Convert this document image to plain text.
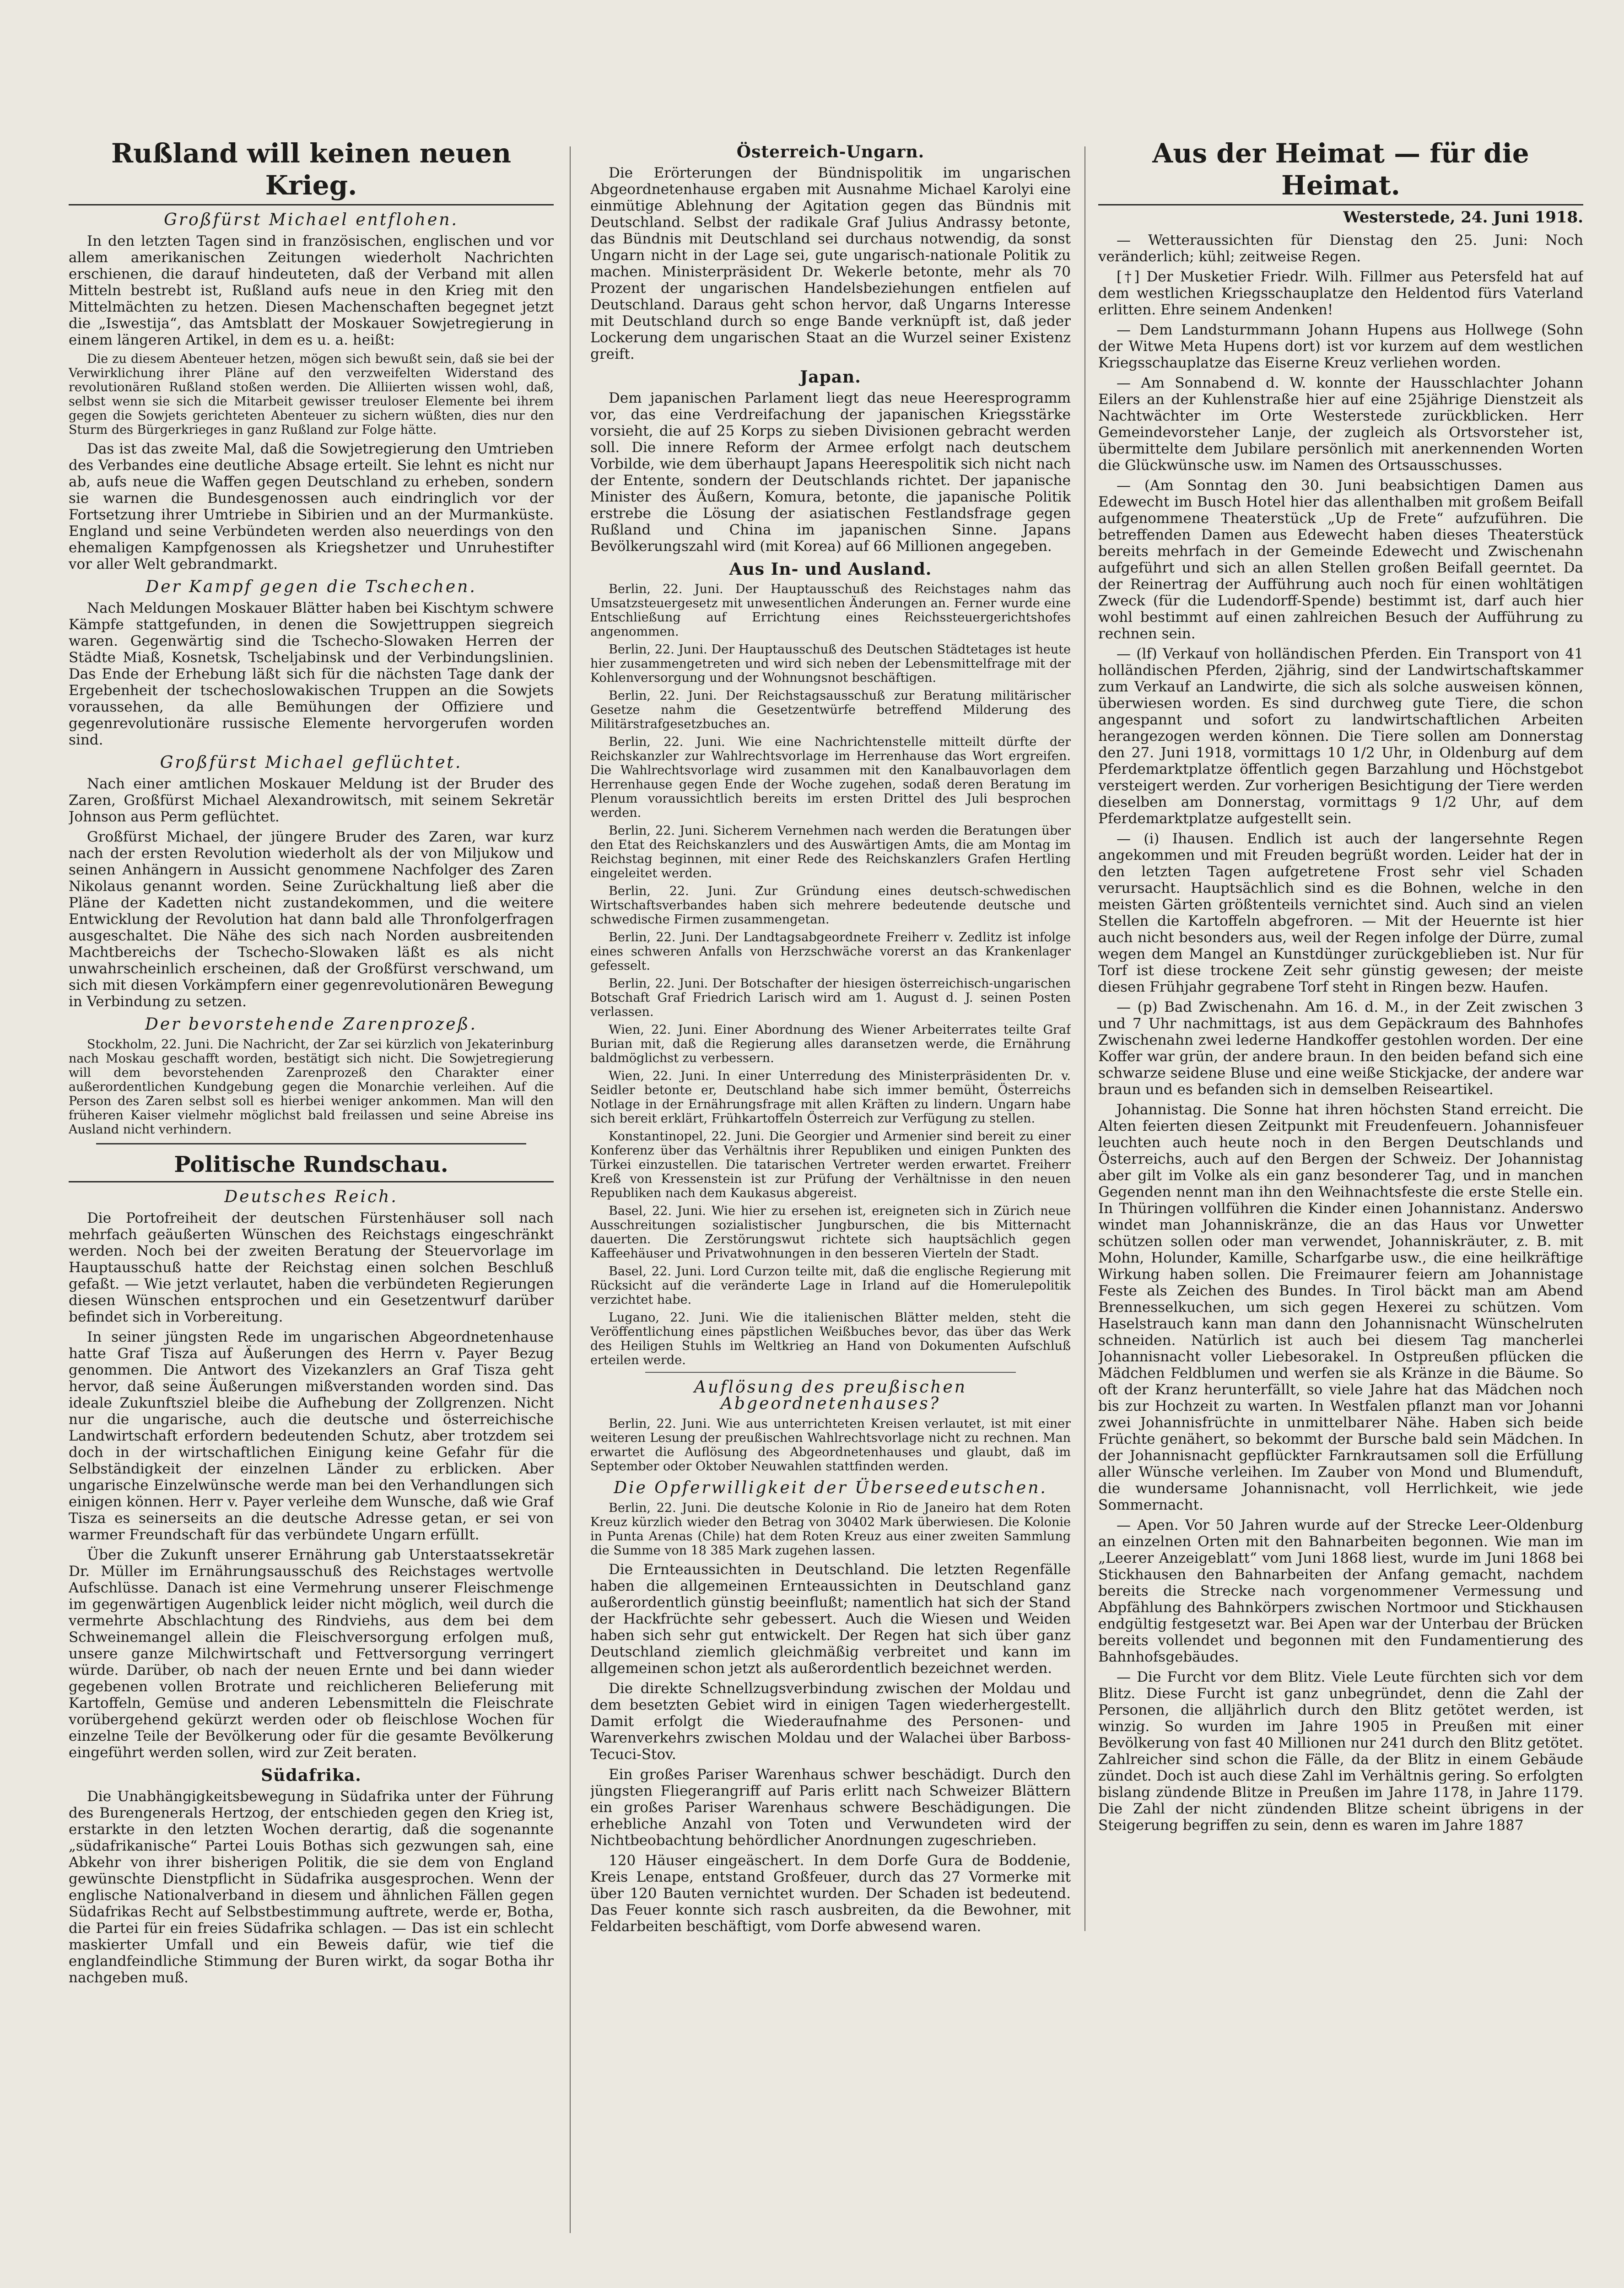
Rußland will keinen neuen Krieg.
Großfürst Michael entflohen.

In den letzten Tagen sind in französischen, englischen und vor allem amerikanischen Zeitungen wiederholt Nachrichten erschienen, die darauf hindeuteten, daß der Verband mit allen Mitteln bestrebt ist, Rußland aufs neue in den Krieg mit den Mittelmächten zu hetzen. Diesen Machenschaften begegnet jetzt die „Iswestija“, das Amtsblatt der Moskauer Sowjetregierung in einem längeren Artikel, in dem es u. a. heißt:

Die zu diesem Abenteuer hetzen, mögen sich bewußt sein, daß sie bei der Verwirklichung ihrer Pläne auf den verzweifelten Widerstand des revolutionären Rußland stoßen werden. Die Alliierten wissen wohl, daß, selbst wenn sie sich die Mitarbeit gewisser treuloser Elemente bei ihrem gegen die Sowjets gerichteten Abenteuer zu sichern wüßten, dies nur den Sturm des Bürgerkrieges in ganz Rußland zur Folge hätte.

Das ist das zweite Mal, daß die Sowjetregierung den Umtrieben des Verbandes eine deutliche Absage erteilt. Sie lehnt es nicht nur ab, aufs neue die Waffen gegen Deutschland zu erheben, sondern sie warnen die Bundesgenossen auch eindringlich vor der Fortsetzung ihrer Umtriebe in Sibirien und an der Murmanküste. England und seine Verbündeten werden also neuerdings von den ehemaligen Kampfgenossen als Kriegshetzer und Unruhestifter vor aller Welt gebrandmarkt.

Der Kampf gegen die Tschechen.

Nach Meldungen Moskauer Blätter haben bei Kischtym schwere Kämpfe stattgefunden, in denen die Sowjettruppen siegreich waren. Gegenwärtig sind die Tschecho-Slowaken Herren der Städte Miaß, Kosnetsk, Tscheljabinsk und der Verbindungslinien. Das Ende der Erhebung läßt sich für die nächsten Tage dank der Ergebenheit der tschechoslowakischen Truppen an die Sowjets voraussehen, da alle Bemühungen der Offiziere und gegenrevolutionäre russische Elemente hervorgerufen worden sind.

Großfürst Michael geflüchtet.

Nach einer amtlichen Moskauer Meldung ist der Bruder des Zaren, Großfürst Michael Alexandrowitsch, mit seinem Sekretär Johnson aus Perm geflüchtet.

Großfürst Michael, der jüngere Bruder des Zaren, war kurz nach der ersten Revolution wiederholt als der von Miljukow und seinen Anhängern in Aussicht genommene Nachfolger des Zaren Nikolaus genannt worden. Seine Zurückhaltung ließ aber die Pläne der Kadetten nicht zustandekommen, und die weitere Entwicklung der Revolution hat dann bald alle Thronfolgerfragen ausgeschaltet. Die Nähe des sich nach Norden ausbreitenden Machtbereichs der Tschecho-Slowaken läßt es als nicht unwahrscheinlich erscheinen, daß der Großfürst verschwand, um sich mit diesen Vorkämpfern einer gegenrevolutionären Bewegung in Verbindung zu setzen.

Der bevorstehende Zarenprozeß.

Stockholm, 22. Juni. Die Nachricht, der Zar sei kürzlich von Jekaterinburg nach Moskau geschafft worden, bestätigt sich nicht. Die Sowjetregierung will dem bevorstehenden Zarenprozeß den Charakter einer außerordentlichen Kundgebung gegen die Monarchie verleihen. Auf die Person des Zaren selbst soll es hierbei weniger ankommen. Man will den früheren Kaiser vielmehr möglichst bald freilassen und seine Abreise ins Ausland nicht verhindern.

Politische Rundschau.
Deutsches Reich.

Die Portofreiheit der deutschen Fürstenhäuser soll nach mehrfach geäußerten Wünschen des Reichstags eingeschränkt werden. Noch bei der zweiten Beratung der Steuervorlage im Hauptausschuß hatte der Reichstag einen solchen Beschluß gefaßt. — Wie jetzt verlautet, haben die verbündeten Regierungen diesen Wünschen entsprochen und ein Gesetzentwurf darüber befindet sich in Vorbereitung.

In seiner jüngsten Rede im ungarischen Abgeordnetenhause hatte Graf Tisza auf Äußerungen des Herrn v. Payer Bezug genommen. Die Antwort des Vizekanzlers an Graf Tisza geht hervor, daß seine Äußerungen mißverstanden worden sind. Das ideale Zukunftsziel bleibe die Aufhebung der Zollgrenzen. Nicht nur die ungarische, auch die deutsche und österreichische Landwirtschaft erfordern bedeutenden Schutz, aber trotzdem sei doch in der wirtschaftlichen Einigung keine Gefahr für die Selbständigkeit der einzelnen Länder zu erblicken. Aber ungarische Einzelwünsche werde man bei den Verhandlungen sich einigen können. Herr v. Payer verleihe dem Wunsche, daß wie Graf Tisza es seinerseits an die deutsche Adresse getan, er sei von warmer Freundschaft für das verbündete Ungarn erfüllt.

Über die Zukunft unserer Ernährung gab Unterstaatssekretär Dr. Müller im Ernährungsausschuß des Reichstages wertvolle Aufschlüsse. Danach ist eine Vermehrung unserer Fleischmenge im gegenwärtigen Augenblick leider nicht möglich, weil durch die vermehrte Abschlachtung des Rindviehs, aus dem bei dem Schweinemangel allein die Fleischversorgung erfolgen muß, unsere ganze Milchwirtschaft und Fettversorgung verringert würde. Darüber, ob nach der neuen Ernte und bei dann wieder gegebenen vollen Brotrate und reichlicheren Belieferung mit Kartoffeln, Gemüse und anderen Lebensmitteln die Fleischrate vorübergehend gekürzt werden oder ob fleischlose Wochen für einzelne Teile der Bevölkerung oder für die gesamte Bevölkerung eingeführt werden sollen, wird zur Zeit beraten.

Südafrika.

Die Unabhängigkeitsbewegung in Südafrika unter der Führung des Burengenerals Hertzog, der entschieden gegen den Krieg ist, erstarkte in den letzten Wochen derartig, daß die sogenannte „südafrikanische“ Partei Louis Bothas sich gezwungen sah, eine Abkehr von ihrer bisherigen Politik, die sie dem von England gewünschte Dienstpflicht in Südafrika ausgesprochen. Wenn der englische Nationalverband in diesem und ähnlichen Fällen gegen Südafrikas Recht auf Selbstbestimmung auftrete, werde er, Botha, die Partei für ein freies Südafrika schlagen. — Das ist ein schlecht maskierter Umfall und ein Beweis dafür, wie tief die englandfeindliche Stimmung der Buren wirkt, da sogar Botha ihr nachgeben muß.

Österreich-Ungarn.

Die Erörterungen der Bündnispolitik im ungarischen Abgeordnetenhause ergaben mit Ausnahme Michael Karolyi eine einmütige Ablehnung der Agitation gegen das Bündnis mit Deutschland. Selbst der radikale Graf Julius Andrassy betonte, das Bündnis mit Deutschland sei durchaus notwendig, da sonst Ungarn nicht in der Lage sei, gute ungarisch-nationale Politik zu machen. Ministerpräsident Dr. Wekerle betonte, mehr als 70 Prozent der ungarischen Handelsbeziehungen entfielen auf Deutschland. Daraus geht schon hervor, daß Ungarns Interesse mit Deutschland durch so enge Bande verknüpft ist, daß jeder Lockerung dem ungarischen Staat an die Wurzel seiner Existenz greift.

Japan.

Dem japanischen Parlament liegt das neue Heeresprogramm vor, das eine Verdreifachung der japanischen Kriegsstärke vorsieht, die auf 25 Korps zu sieben Divisionen gebracht werden soll. Die innere Reform der Armee erfolgt nach deutschem Vorbilde, wie dem überhaupt Japans Heerespolitik sich nicht nach der Entente, sondern der Deutschlands richtet. Der japanische Minister des Äußern, Komura, betonte, die japanische Politik erstrebe die Lösung der asiatischen Festlandsfrage gegen Rußland und China im japanischen Sinne. Japans Bevölkerungszahl wird (mit Korea) auf 66 Millionen angegeben.

Aus In- und Ausland.

Berlin, 22. Juni. Der Hauptausschuß des Reichstages nahm das Umsatzsteuergesetz mit unwesentlichen Änderungen an. Ferner wurde eine Entschließung auf Errichtung eines Reichssteuergerichtshofes angenommen.

Berlin, 22. Juni. Der Hauptausschuß des Deutschen Städtetages ist heute hier zusammengetreten und wird sich neben der Lebensmittelfrage mit der Kohlenversorgung und der Wohnungsnot beschäftigen.

Berlin, 22. Juni. Der Reichstagsausschuß zur Beratung militärischer Gesetze nahm die Gesetzentwürfe betreffend Milderung des Militärstrafgesetzbuches an.

Berlin, 22. Juni. Wie eine Nachrichtenstelle mitteilt dürfte der Reichskanzler zur Wahlrechtsvorlage im Herrenhause das Wort ergreifen. Die Wahlrechtsvorlage wird zusammen mit den Kanalbauvorlagen dem Herrenhause gegen Ende der Woche zugehen, sodaß deren Beratung im Plenum voraussichtlich bereits im ersten Drittel des Juli besprochen werden.

Berlin, 22. Juni. Sicherem Vernehmen nach werden die Beratungen über den Etat des Reichskanzlers und des Auswärtigen Amts, die am Montag im Reichstag beginnen, mit einer Rede des Reichskanzlers Grafen Hertling eingeleitet werden.

Berlin, 22. Juni. Zur Gründung eines deutsch-schwedischen Wirtschaftsverbandes haben sich mehrere bedeutende deutsche und schwedische Firmen zusammengetan.

Berlin, 22. Juni. Der Landtagsabgeordnete Freiherr v. Zedlitz ist infolge eines schweren Anfalls von Herzschwäche vorerst an das Krankenlager gefesselt.

Berlin, 22. Juni. Der Botschafter der hiesigen österreichisch-ungarischen Botschaft Graf Friedrich Larisch wird am 1. August d. J. seinen Posten verlassen.

Wien, 22. Juni. Einer Abordnung des Wiener Arbeiterrates teilte Graf Burian mit, daß die Regierung alles daransetzen werde, die Ernährung baldmöglichst zu verbessern.

Wien, 22. Juni. In einer Unterredung des Ministerpräsidenten Dr. v. Seidler betonte er, Deutschland habe sich immer bemüht, Österreichs Notlage in der Ernährungsfrage mit allen Kräften zu lindern. Ungarn habe sich bereit erklärt, Frühkartoffeln Österreich zur Verfügung zu stellen.

Konstantinopel, 22. Juni. Die Georgier und Armenier sind bereit zu einer Konferenz über das Verhältnis ihrer Republiken und einigen Punkten des Türkei einzustellen. Die tatarischen Vertreter werden erwartet. Freiherr Kreß von Kressenstein ist zur Prüfung der Verhältnisse in den neuen Republiken nach dem Kaukasus abgereist.

Basel, 22. Juni. Wie hier zu ersehen ist, ereigneten sich in Zürich neue Ausschreitungen sozialistischer Jungburschen, die bis Mitternacht dauerten. Die Zerstörungswut richtete sich hauptsächlich gegen Kaffeehäuser und Privatwohnungen in den besseren Vierteln der Stadt.

Basel, 22. Juni. Lord Curzon teilte mit, daß die englische Regierung mit Rücksicht auf die veränderte Lage in Irland auf die Homerulepolitik verzichtet habe.

Lugano, 22. Juni. Wie die italienischen Blätter melden, steht die Veröffentlichung eines päpstlichen Weißbuches bevor, das über das Werk des Heiligen Stuhls im Weltkrieg an Hand von Dokumenten Aufschluß erteilen werde.

Auflösung des preußischen Abgeordnetenhauses?

Berlin, 22. Juni. Wie aus unterrichteten Kreisen verlautet, ist mit einer weiteren Lesung der preußischen Wahlrechtsvorlage nicht zu rechnen. Man erwartet die Auflösung des Abgeordnetenhauses und glaubt, daß im September oder Oktober Neuwahlen stattfinden werden.

Die Opferwilligkeit der Überseedeutschen.

Berlin, 22. Juni. Die deutsche Kolonie in Rio de Janeiro hat dem Roten Kreuz kürzlich wieder den Betrag von 30402 Mark überwiesen. Die Kolonie in Punta Arenas (Chile) hat dem Roten Kreuz aus einer zweiten Sammlung die Summe von 18 385 Mark zugehen lassen.

Die Ernteaussichten in Deutschland. Die letzten Regenfälle haben die allgemeinen Ernteaussichten in Deutschland ganz außerordentlich günstig beeinflußt; namentlich hat sich der Stand der Hackfrüchte sehr gebessert. Auch die Wiesen und Weiden haben sich sehr gut entwickelt. Der Regen hat sich über ganz Deutschland ziemlich gleichmäßig verbreitet und kann im allgemeinen schon jetzt als außerordentlich bezeichnet werden.

Die direkte Schnellzugsverbindung zwischen der Moldau und dem besetzten Gebiet wird in einigen Tagen wiederhergestellt. Damit erfolgt die Wiederaufnahme des Personen- und Warenverkehrs zwischen Moldau und der Walachei über Barboss-Tecuci-Stov.

Ein großes Pariser Warenhaus schwer beschädigt. Durch den jüngsten Fliegerangriff auf Paris erlitt nach Schweizer Blättern ein großes Pariser Warenhaus schwere Beschädigungen. Die erhebliche Anzahl von Toten und Verwundeten wird der Nichtbeobachtung behördlicher Anordnungen zugeschrieben.

120 Häuser eingeäschert. In dem Dorfe Gura de Boddenie, Kreis Lenape, entstand Großfeuer, durch das 27 Vormerke mit über 120 Bauten vernichtet wurden. Der Schaden ist bedeutend. Das Feuer konnte sich rasch ausbreiten, da die Bewohner, mit Feldarbeiten beschäftigt, vom Dorfe abwesend waren.

Aus der Heimat — für die Heimat.
Westerstede, 24. Juni 1918.

— Wetteraussichten für Dienstag den 25. Juni: Noch veränderlich; kühl; zeitweise Regen.

[†] Der Musketier Friedr. Wilh. Fillmer aus Petersfeld hat auf dem westlichen Kriegsschauplatze den Heldentod fürs Vaterland erlitten. Ehre seinem Andenken!

— Dem Landsturmmann Johann Hupens aus Hollwege (Sohn der Witwe Meta Hupens dort) ist vor kurzem auf dem westlichen Kriegsschauplatze das Eiserne Kreuz verliehen worden.

— Am Sonnabend d. W. konnte der Hausschlachter Johann Eilers an der Kuhlenstraße hier auf eine 25jährige Dienstzeit als Nachtwächter im Orte Westerstede zurückblicken. Herr Gemeindevorsteher Lanje, der zugleich als Ortsvorsteher ist, übermittelte dem Jubilare persönlich mit anerkennenden Worten die Glückwünsche usw. im Namen des Ortsausschusses.

— (Am Sonntag den 30. Juni beabsichtigen Damen aus Edewecht im Busch Hotel hier das allenthalben mit großem Beifall aufgenommene Theaterstück „Up de Frete“ aufzuführen. Die betreffenden Damen aus Edewecht haben dieses Theaterstück bereits mehrfach in der Gemeinde Edewecht und Zwischenahn aufgeführt und sich an allen Stellen großen Beifall geerntet. Da der Reinertrag der Aufführung auch noch für einen wohltätigen Zweck (für die Ludendorff-Spende) bestimmt ist, darf auch hier wohl bestimmt auf einen zahlreichen Besuch der Aufführung zu rechnen sein.

— (lf) Verkauf von holländischen Pferden. Ein Transport von 41 holländischen Pferden, 2jährig, sind der Landwirtschaftskammer zum Verkauf an Landwirte, die sich als solche ausweisen können, überwiesen worden. Es sind durchweg gute Tiere, die schon angespannt und sofort zu landwirtschaftlichen Arbeiten herangezogen werden können. Die Tiere sollen am Donnerstag den 27. Juni 1918, vormittags 10 1/2 Uhr, in Oldenburg auf dem Pferdemarktplatze öffentlich gegen Barzahlung und Höchstgebot versteigert werden. Zur vorherigen Besichtigung der Tiere werden dieselben am Donnerstag, vormittags 9 1/2 Uhr, auf dem Pferdemarktplatze aufgestellt sein.

— (i) Ihausen. Endlich ist auch der langersehnte Regen angekommen und mit Freuden begrüßt worden. Leider hat der in den letzten Tagen aufgetretene Frost sehr viel Schaden verursacht. Hauptsächlich sind es die Bohnen, welche in den meisten Gärten größtenteils vernichtet sind. Auch sind an vielen Stellen die Kartoffeln abgefroren. — Mit der Heuernte ist hier auch nicht besonders aus, weil der Regen infolge der Dürre, zumal wegen dem Mangel an Kunstdünger zurückgeblieben ist. Nur für Torf ist diese trockene Zeit sehr günstig gewesen; der meiste diesen Frühjahr gegrabene Torf steht in Ringen bezw. Haufen.

— (p) Bad Zwischenahn. Am 16. d. M., in der Zeit zwischen 3 und 7 Uhr nachmittags, ist aus dem Gepäckraum des Bahnhofes Zwischenahn zwei lederne Handkoffer gestohlen worden. Der eine Koffer war grün, der andere braun. In den beiden befand sich eine schwarze seidene Bluse und eine weiße Stickjacke, der andere war braun und es befanden sich in demselben Reiseartikel.

Johannistag. Die Sonne hat ihren höchsten Stand erreicht. Die Alten feierten diesen Zeitpunkt mit Freudenfeuern. Johannisfeuer leuchten auch heute noch in den Bergen Deutschlands und Österreichs, auch auf den Bergen der Schweiz. Der Johannistag aber gilt im Volke als ein ganz besonderer Tag, und in manchen Gegenden nennt man ihn den Weihnachtsfeste die erste Stelle ein. In Thüringen vollführen die Kinder einen Johannistanz. Anderswo windet man Johanniskränze, die an das Haus vor Unwetter schützen sollen oder man verwendet, Johanniskräuter, z. B. mit Mohn, Holunder, Kamille, Scharfgarbe usw., die eine heilkräftige Wirkung haben sollen. Die Freimaurer feiern am Johannistage Feste als Zeichen des Bundes. In Tirol bäckt man am Abend Brennesselkuchen, um sich gegen Hexerei zu schützen. Vom Haselstrauch kann man dann den Johannisnacht Wünschelruten schneiden. Natürlich ist auch bei diesem Tag mancherlei Johannisnacht voller Liebesorakel. In Ostpreußen pflücken die Mädchen Feldblumen und werfen sie als Kränze in die Bäume. So oft der Kranz herunterfällt, so viele Jahre hat das Mädchen noch bis zur Hochzeit zu warten. In Westfalen pflanzt man vor Johanni zwei Johannisfrüchte in unmittelbarer Nähe. Haben sich beide Früchte genähert, so bekommt der Bursche bald sein Mädchen. In der Johannisnacht gepflückter Farnkrautsamen soll die Erfüllung aller Wünsche verleihen. Im Zauber von Mond und Blumenduft, die wundersame Johannisnacht, voll Herrlichkeit, wie jede Sommernacht.

— Apen. Vor 50 Jahren wurde auf der Strecke Leer-Oldenburg an einzelnen Orten mit den Bahnarbeiten begonnen. Wie man im „Leerer Anzeigeblatt“ vom Juni 1868 liest, wurde im Juni 1868 bei Stickhausen den Bahnarbeiten der Anfang gemacht, nachdem bereits die Strecke nach vorgenommener Vermessung und Abpfählung des Bahnkörpers zwischen Nortmoor und Stickhausen endgültig festgesetzt war. Bei Apen war der Unterbau der Brücken bereits vollendet und begonnen mit den Fundamentierung des Bahnhofsgebäudes.

— Die Furcht vor dem Blitz. Viele Leute fürchten sich vor dem Blitz. Diese Furcht ist ganz unbegründet, denn die Zahl der Personen, die alljährlich durch den Blitz getötet werden, ist winzig. So wurden im Jahre 1905 in Preußen mit einer Bevölkerung von fast 40 Millionen nur 241 durch den Blitz getötet. Zahlreicher sind schon die Fälle, da der Blitz in einem Gebäude zündet. Doch ist auch diese Zahl im Verhältnis gering. So erfolgten bislang zündende Blitze in Preußen im Jahre 1178, in Jahre 1179. Die Zahl der nicht zündenden Blitze scheint übrigens in der Steigerung begriffen zu sein, denn es waren im Jahre 1887
